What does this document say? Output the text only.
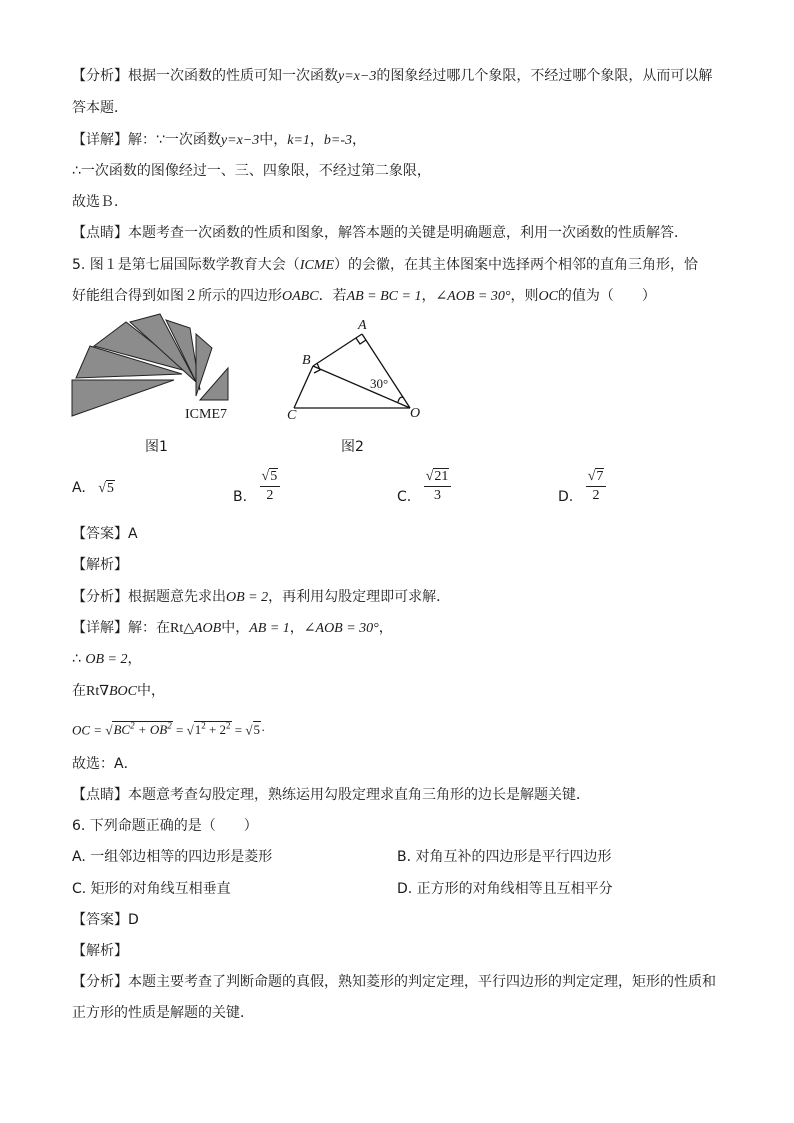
【分析】根据一次函数的性质可知一次函数y=x−3的图象经过哪几个象限，不经过哪个象限，从而可以解
答本题．
【详解】解：∵一次函数y=x−3中，k=1，b=-3，
∴一次函数的图像经过一、三、四象限，不经过第二象限，
故选Ｂ．
【点睛】本题考查一次函数的性质和图象，解答本题的关键是明确题意，利用一次函数的性质解答．
5. 图１是第七届国际数学教育大会（ICME）的会徽，在其主体图案中选择两个相邻的直角三角形，恰
好能组合得到如图２所示的四边形OABC．若AB = BC = 1，∠AOB = 30°，则OC的值为（　　）
ICME7
图1
A
B
C	O
30°
图2
A. √5	B. $\frac{√5}{2}$	C. $\frac{√21}{3}$	D. $\frac{√7}{2}$
【答案】A
【解析】
【分析】根据题意先求出OB = 2，再利用勾股定理即可求解．
【详解】解：在Rt△AOB中，AB = 1，∠AOB = 30°，
∴ OB = 2，
在Rt∇BOC中，
OC = $√BC^2 + OB^2 = √1^2 + 2^2 = √5\cdot$
故选：A．
【点睛】本题意考查勾股定理，熟练运用勾股定理求直角三角形的边长是解题关键．
6. 下列命题正确的是（　　）
A. 一组邻边相等的四边形是菱形	B. 对角互补的四边形是平行四边形
C. 矩形的对角线互相垂直	D. 正方形的对角线相等且互相平分
【答案】D
【解析】
【分析】本题主要考查了判断命题的真假，熟知菱形的判定定理，平行四边形的判定定理，矩形的性质和
正方形的性质是解题的关键．
